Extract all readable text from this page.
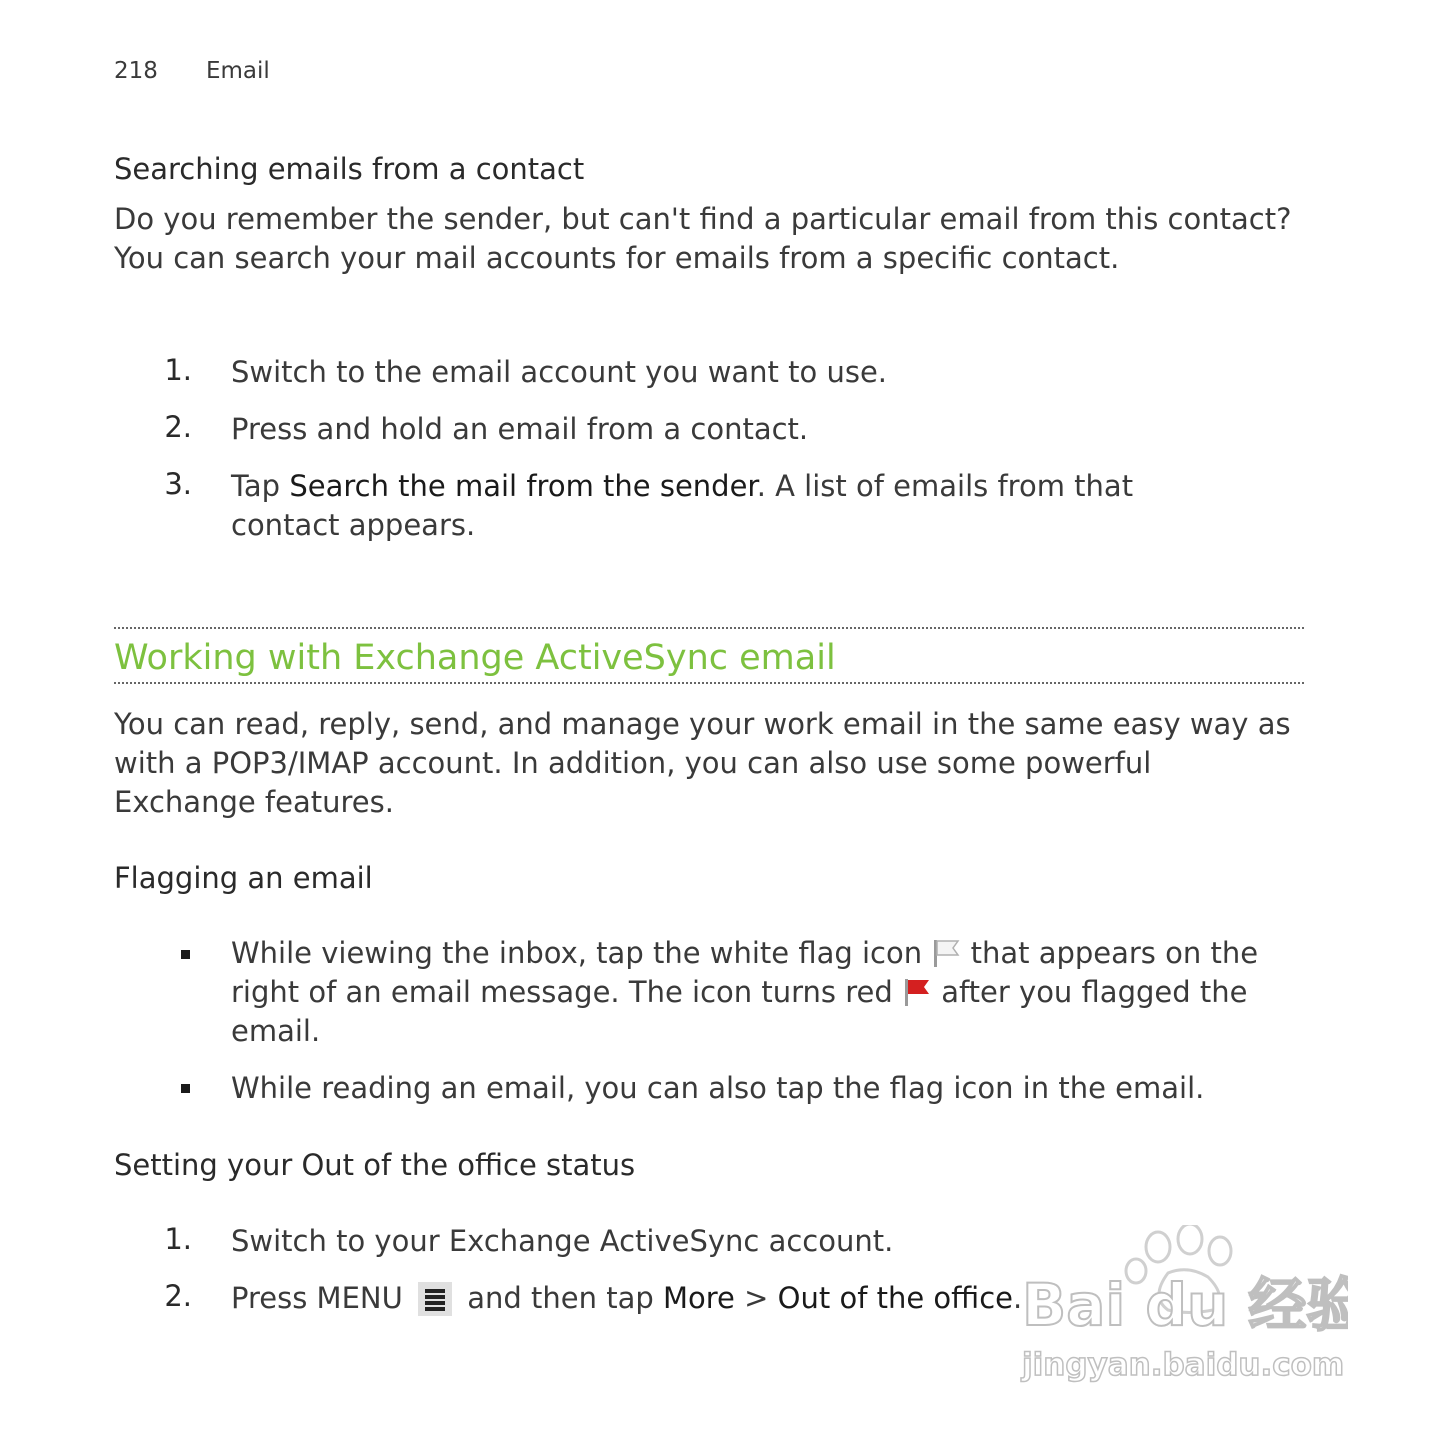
218 Email
Searching emails from a contact
Do you remember the sender, but can't find a particular email from this contact? You can search your mail accounts for emails from a specific contact.
1. Switch to the email account you want to use.
2. Press and hold an email from a contact.
3. Tap Search the mail from the sender. A list of emails from that contact appears.
Working with Exchange ActiveSync email
You can read, reply, send, and manage your work email in the same easy way as with a POP3/IMAP account. In addition, you can also use some powerful Exchange features.
Flagging an email
While viewing the inbox, tap the white flag icon  that appears on the right of an email message. The icon turns red  after you flagged the email.
While reading an email, you can also tap the flag icon in the email.
Setting your Out of the office status
1. Switch to your Exchange ActiveSync account.
2. Press MENU
and then tap More > Out of the office. Bai du 经验
jingyan.baidu.com
